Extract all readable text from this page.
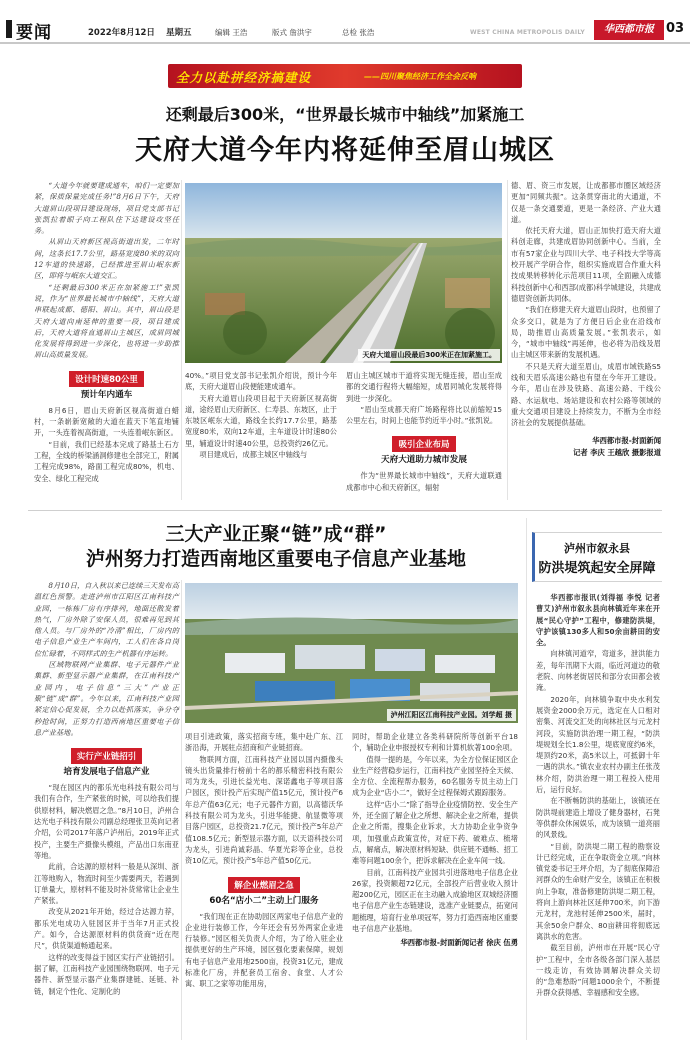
要闻	2022年8月12日 星期五	编辑 王浩	版式 詹洪宇	总检 张浩	WEST CHINA METROPOLIS DAILY	华西都市报 03
全力以赴拼经济搞建设	——四川聚焦经济工作全会反响
还剩最后300米，“世界最长城市中轴线”加紧施工
天府大道今年内将延伸至眉山城区

“大道今年就要建成通车，咱们一定要加紧，保质保量完成任务!”8月6日下午，天府大道眉山段项目建设现场，项目党支部书记张凯拉着眼子向工程队住下达建设攻坚任务。

从眉山天府新区视高街道出发，二年时间，这条长17.7公里，路基宽度80米的双向12车道的快速路，已经推进至眉山岷东新区，即将与岷东大道交汇。

“还剩最后300米正在加紧施工!”张凯说，作为“世界最长城市中轴线”，天府大道串联起成都、德阳、眉山。其中，眉山段是天府大道向南延伸的重要一段，项目建成后，天府大道将直通眉山主城区，成眉同城化发展将得到进一步深化，也将进一步助推眉山高质量发展。

设计时速80公里
预计年内通车

8月6日，眉山天府新区视高街道白蜡村，一条崭新宽敞的大道在蓝天下笔直地铺开，一头连着视高街道，一头连着岷东新区。

“目前，我们已经基本完成了路基土石方工程，全线的桥梁涵洞修建也全部完工，附属工程完成98%，路面工程完成80%，机电、安全、绿化工程完成

天府大道眉山段最后300米正在加紧施工。

40%。”项目党支部书记张凯介绍说，预计今年底，天府大道眉山段便能建成通车。

天府大道眉山段项目起于天府新区视高街道，途经眉山天府新区、仁寿县、东坡区，止于东坡区岷东大道，路线全长约17.7公里，路基宽度80米，双向12车道，主车道设计时速80公里，辅道设计时速40公里，总投资约26亿元。

项目建成后，成都主城区中轴线与

眉山主城区城市干道将实现无缝连接，眉山至成都的交通行程将大幅缩短，成眉同城化发展将得到进一步深化。

“眉山至成都天府广场路程将比以前缩短15公里左右，时间上也能节约近半小时。”张凯说。

吸引企业布局
天府大道助力城市发展

作为“世界最长城市中轴线”，天府大道联通成都市中心和天府新区，辐射

德、眉、资三市发展，让成都都市圈区域经济更加“同频共振”。这条贯穿南北的大通道，不仅是一条交通要道，更是一条经济、产业大通道。

依托天府大道，眉山正加快打造天府大道科创走廊，共建成眉协同创新中心。当前，全市有57家企业与四川大学、电子科技大学等高校开展产学研合作，组织实施成眉合作重大科技成果转移转化示范项目11项，全面融入成德科技创新中心和西部(成都)科学城建设，共建成德眉资创新共同体。

“我们在修建天府大道眉山段时，也预留了众多交口，就是为了方便日后企业在沿线布局，助推眉山高质量发展。”张凯表示，如今，“城市中轴线”再延伸，也必将为沿线及眉山主城区带来新的发展机遇。

不只是天府大道至眉山，成眉市域铁路S5线和天眉乐高速公路也有望在今年开工建设。今年，眉山在涉及铁路、高速公路、干线公路、水运航电、场站建设和农村公路等领域的重大交通项目建设上持续发力，不断为全市经济社会的发展提供基础。

华西都市报-封面新闻
记者 李庆 王越欣 摄影报道
三大产业正聚“链”成“群”
泸州努力打造西南地区重要电子信息产业基地

8月10日，自入秋以来已连续三天发布高温红色预警。走进泸州市江阳区江南科技产业园，一栋栋厂房有序排列，地面还散发着热气，厂房外除了安保人员，很难再见到其他人员。与厂房外的“冷清”相比，厂房内的电子信息产业生产车间内，工人们在各自岗位忙碌着，不同样式的生产机器有序运转。

区域物联网产业集群、电子元器件产业集群、新型显示器产业集群，在江南科技产业园内，电子信息“三大”产业正聚“链”成“群”。今年以来，江南科技产业园紧定信心促发展，全力以赴抓落实，争分夺秒抢时间，正努力打造西南地区重要电子信息产业基地。

实行产业链招引
培育发展电子信息产业

“现在园区内的都乐光电科技有限公司与我们有合作，生产紧张的时候，可以给我们提供原材料，解决燃眉之急。”8月10日，泸州合达光电子科技有限公司副总经理张卫英向记者介绍，公司2017年落户泸州后，2019年正式投产，主要生产摄像头模组，产品出口东南亚等地。

此前，合达源的原材料一般是从深圳、浙江等地购入，物流时间至少需要两天，若遇到订单量大，原材料不能及时补货常常让企业生产紧张。

改变从2021年开始，经过合达源力荐，都乐光电成功入驻园区并于当年7月正式投产。如今，合达源原材料的供货商“近在咫尺”，供货渠道畅通起来。

这样的改变得益于园区实行产业链招引。据了解，江南科技产业园围绕物联网、电子元器件、新型显示器产业集群建链、延链、补链，制定个性化、定制化的

泸州江阳区江南科技产业园。刘学超 摄

项目引进政策，落实招商专班，集中赴广东、江浙沿海，开展驻点招商和产业链招商。

物联网方面，江南科技产业园以国内摄像头镜头出货量排行榜前十名的都乐精密科技有限公司为龙头，引进长益光电、深诺鑫电子等项目落户园区，预计投产后实现产值15亿元，预计投产6年总产值63亿元；电子元器件方面，以高德沃华科技有限公司为龙头，引进华能捷、航显微等项目落户园区，总投资21.7亿元，预计投产5年总产值108.5亿元；新型显示器方面，以天语科技公司为龙头，引进尚诚彩晶、华夏光彩等企业，总投资10亿元，预计投产5年总产值50亿元。

解企业燃眉之急
60名“店小二”主动上门服务

“我们现在正在协助园区两家电子信息产业的企业进行装修工作，今年还会有另外两家企业进行装修。”园区相关负责人介绍，为了给入驻企业提供更好的生产环境，园区强化要素保障，规划有电子信息产业用地2500亩，投资31亿元，建成标准化厂房，并配套员工宿舍、食堂、人才公寓、职工之家等功能用房，

同时，帮助企业建立各类科研院所等创新平台18个，辅助企业申报授权专利和计算机软著100余项。

值得一提的是，今年以来，为全方位保证园区企业生产经营稳步运行，江南科技产业园坚持全天候、全方位、全流程帮办服务，60名服务专员主动上门成为企业“店小二”，做好全过程保姆式跟踪服务。

这样“店小二”除了指导企业疫情防控、安全生产外，还全面了解企业之所想、解决企业之所难，提供企业之所需，搜集企业诉求，大力协助企业争资争项，加强重点政策宣传，对症下药、破难点、梳堵点，解痛点，解决原材料短缺、供应链不通畅、招工难等问题100余个，把诉求解决在企业车间一线。

目前，江南科技产业园共引进落地电子信息企业26家，投资额超72亿元，全部投产后营业收入预计超200亿元，园区正在主动融入成渝地区双城经济圈电子信息产业生态链建设，选准产业链要点，拓宽问题梳理，培育行业单项冠军，努力打造西南地区重要电子信息产业基地。

华西都市报-封面新闻记者 徐庆 伍勇
泸州市叙永县
防洪堤筑起安全屏障

华西都市报讯(刘得福 李悦 记者 曹艾)泸州市叙永县向林镇近年来在开展“民心守护”工程中，修建防洪堤，守护该镇130多人和50余亩耕田的安全。

向林镇河道窄，弯道多，泄洪能力差，每年汛期下大雨，临近河道边的敬老院、向林老街居民和部分农田都会被淹。

2020年，向林镇争取中央水利发展资金2000余万元，选定在人口相对密集、河流交汇处的向林社区与元龙村河段，实施防洪治理一期工程，“防洪堤规划全长1.8公里，堤底宽度约6米，堤顶约20米，高5米以上，可抵御十年一遇的洪水。”镇农业农村办副主任张茂林介绍，防洪治理一期工程投入使用后，运行良好。

在不断畅防洪的基础上，该镇还在防洪堤前建造上增设了健身器材，石凳等供群众休闲娱乐，成为该镇一道亮丽的风景线。

“目前，防洪堤二期工程的勘察设计已经完成，正在争取资金立项。”向林镇党委书记王坪介绍，为了彻底保障沿河群众的生命财产安全，该镇正在积极向上争取，准备修建防洪堤二期工程，将向上游向林社区延伸700米，向下游元龙村，龙池村延伸2500米，届时，其余50余户群众、80亩耕田将彻底远离洪水的危害。

截至目前，泸州市在开展“民心守护”工程中，全市各级各部门深入基层一线走访，有效协调解决群众关切的“急难愁盼”问题1000余个，不断提升群众获得感、幸福感和安全感。
